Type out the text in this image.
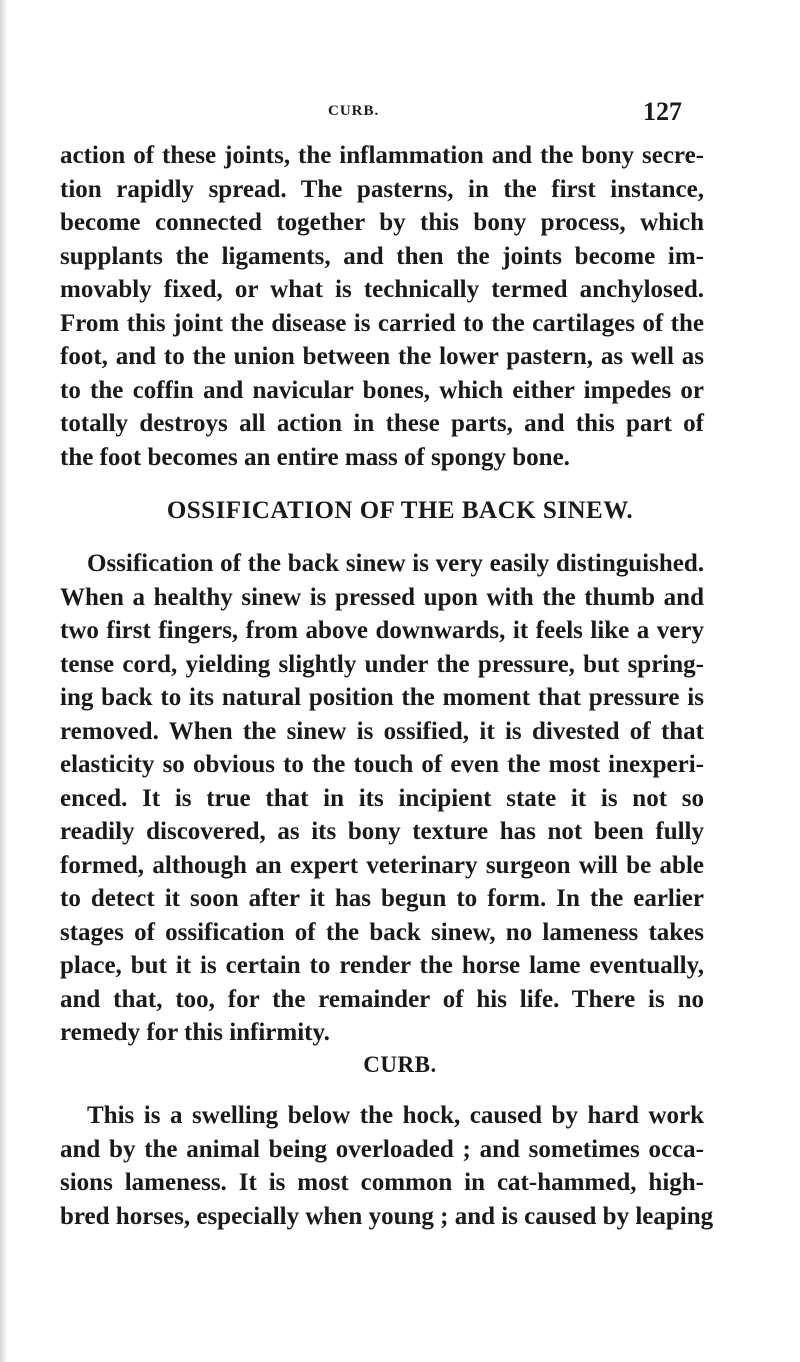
CURB.	127
action of these joints, the inflammation and the bony secre-
tion rapidly spread. The pasterns, in the first instance,
become connected together by this bony process, which
supplants the ligaments, and then the joints become im-
movably fixed, or what is technically termed anchylosed.
From this joint the disease is carried to the cartilages of the
foot, and to the union between the lower pastern, as well as
to the coffin and navicular bones, which either impedes or
totally destroys all action in these parts, and this part of
the foot becomes an entire mass of spongy bone.
OSSIFICATION OF THE BACK SINEW.
Ossification of the back sinew is very easily distinguished.
When a healthy sinew is pressed upon with the thumb and
two first fingers, from above downwards, it feels like a very
tense cord, yielding slightly under the pressure, but spring-
ing back to its natural position the moment that pressure is
removed. When the sinew is ossified, it is divested of that
elasticity so obvious to the touch of even the most inexperi-
enced. It is true that in its incipient state it is not so
readily discovered, as its bony texture has not been fully
formed, although an expert veterinary surgeon will be able
to detect it soon after it has begun to form. In the earlier
stages of ossification of the back sinew, no lameness takes
place, but it is certain to render the horse lame eventually,
and that, too, for the remainder of his life. There is no
remedy for this infirmity.
CURB.
This is a swelling below the hock, caused by hard work
and by the animal being overloaded ; and sometimes occa-
sions lameness. It is most common in cat-hammed, high-
bred horses, especially when young ; and is caused by leaping
